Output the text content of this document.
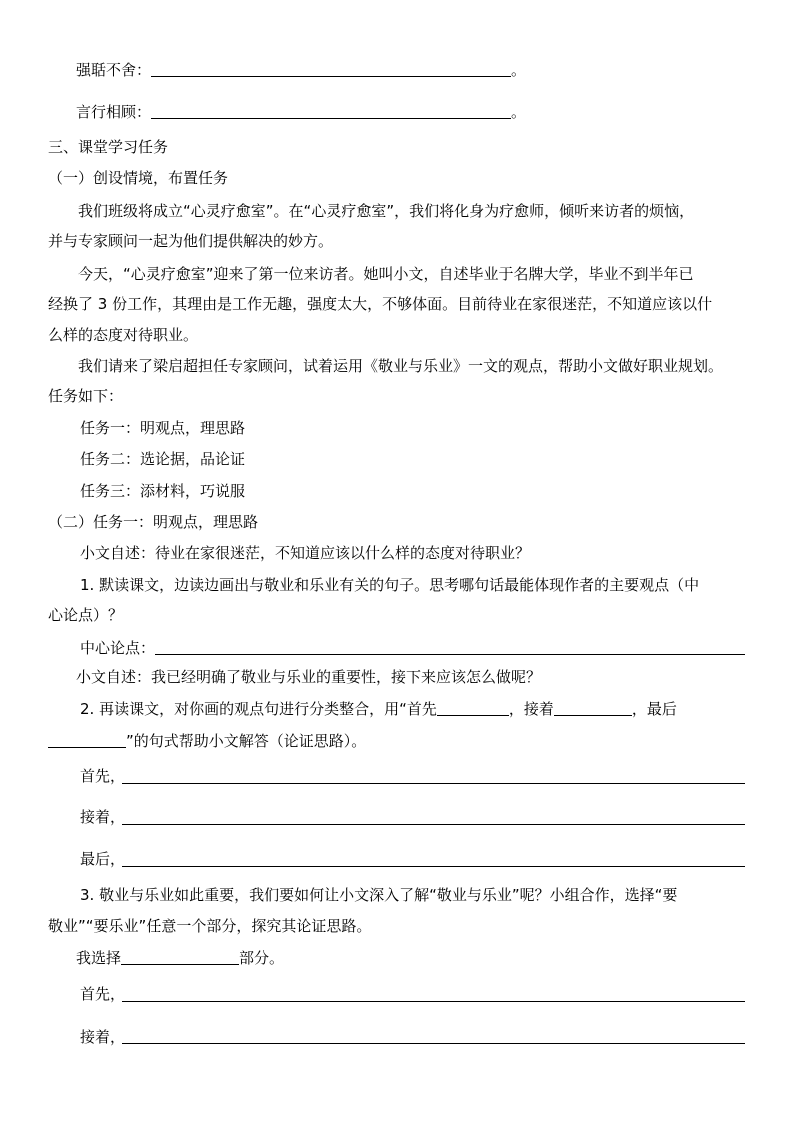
强聒不舍：	。
言行相顾：	。
三、课堂学习任务
（一）创设情境，布置任务
我们班级将成立“心灵疗愈室”。在“心灵疗愈室”，我们将化身为疗愈师，倾听来访者的烦恼，
并与专家顾问一起为他们提供解决的妙方。
今天，“心灵疗愈室”迎来了第一位来访者。她叫小文，自述毕业于名牌大学，毕业不到半年已
经换了 3 份工作，其理由是工作无趣，强度太大，不够体面。目前待业在家很迷茫，不知道应该以什
么样的态度对待职业。
我们请来了梁启超担任专家顾问，试着运用《敬业与乐业》一文的观点，帮助小文做好职业规划。
任务如下：
任务一：明观点，理思路
任务二：选论据，品论证
任务三：添材料，巧说服
（二）任务一：明观点，理思路
小文自述：待业在家很迷茫，不知道应该以什么样的态度对待职业？
1. 默读课文，边读边画出与敬业和乐业有关的句子。思考哪句话最能体现作者的主要观点（中
心论点）？
中心论点：
小文自述：我已经明确了敬业与乐业的重要性，接下来应该怎么做呢？
2. 再读课文，对你画的观点句进行分类整合，用“首先	，接着	，最后
”的句式帮助小文解答（论证思路）。
首先，
接着，
最后，
3. 敬业与乐业如此重要，我们要如何让小文深入了解“敬业与乐业”呢？小组合作，选择“要
敬业”“要乐业”任意一个部分，探究其论证思路。
我选择	部分。
首先，
接着，
